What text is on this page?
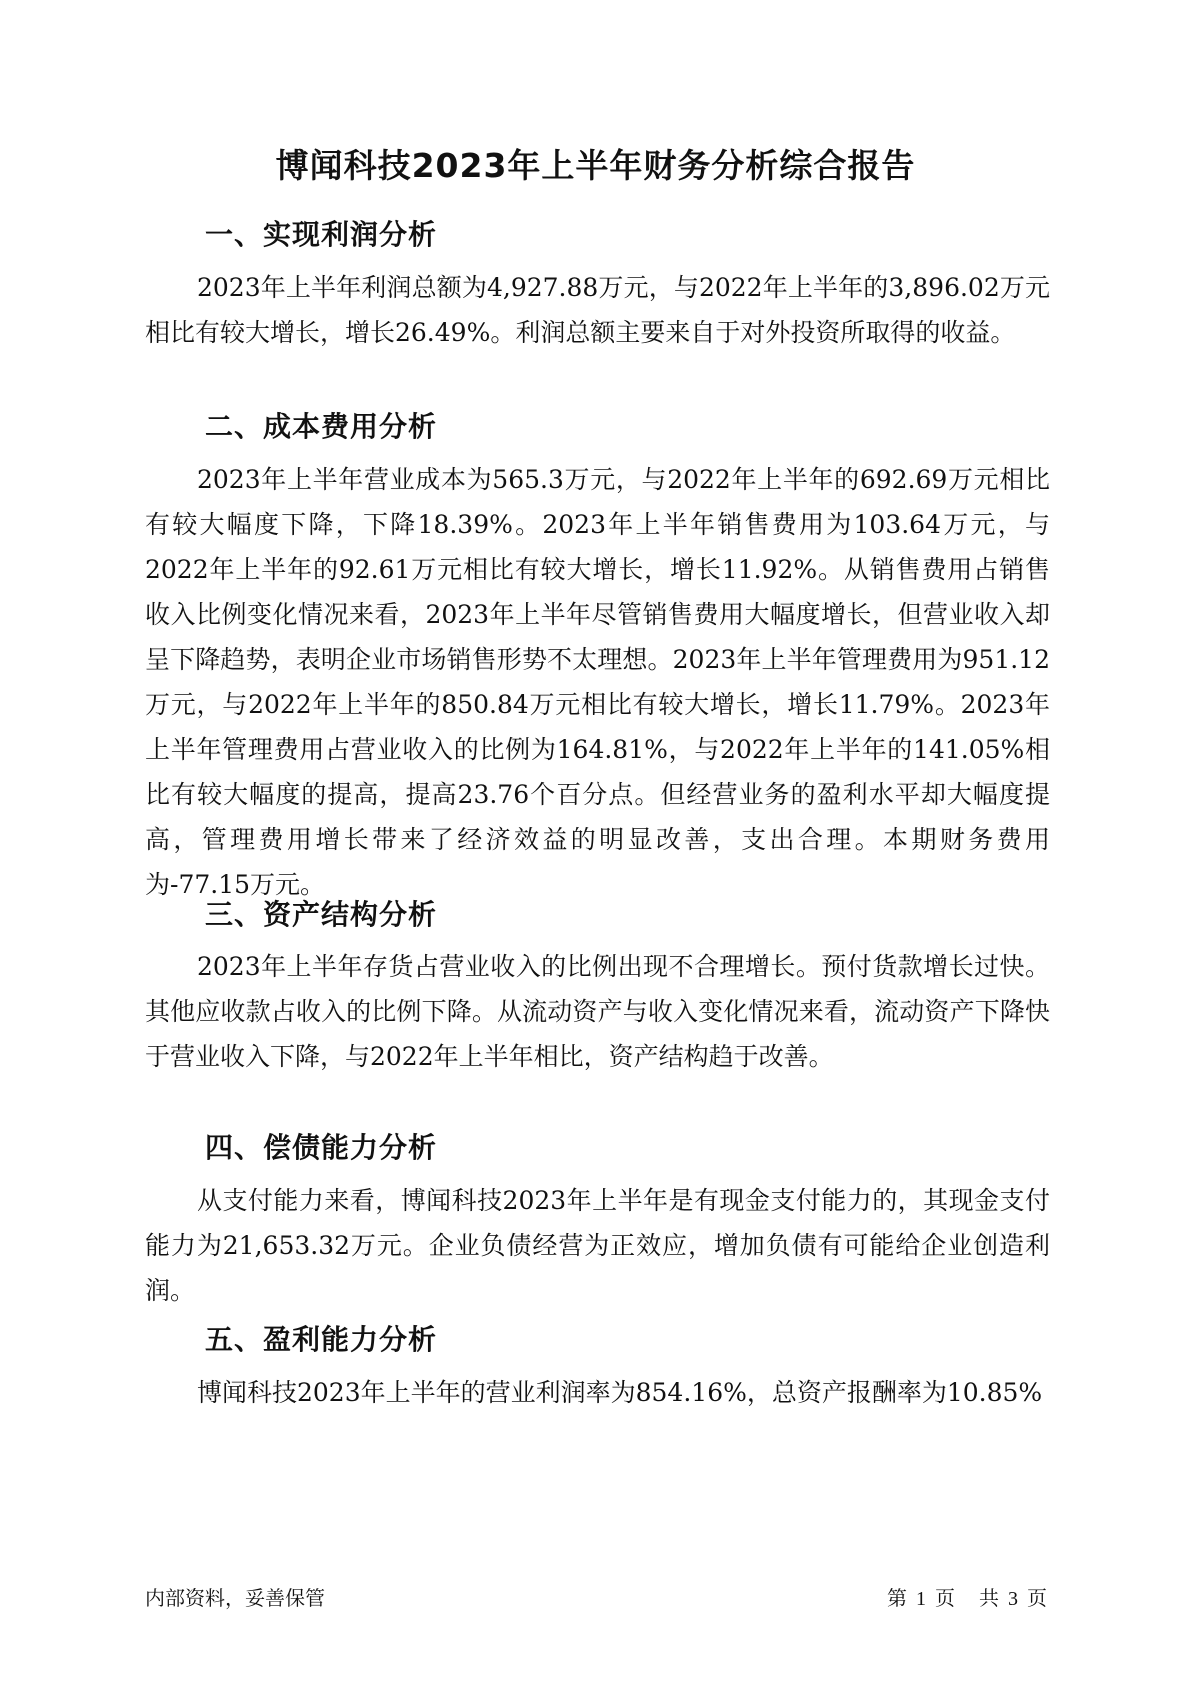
博闻科技2023年上半年财务分析综合报告
一、实现利润分析

2023年上半年利润总额为4,927.88万元，与2022年上半年的3,896.02万元相比有较大增长，增长26.49%。利润总额主要来自于对外投资所取得的收益。

二、成本费用分析

2023年上半年营业成本为565.3万元，与2022年上半年的692.69万元相比有较大幅度下降，下降18.39%。2023年上半年销售费用为103.64万元，与2022年上半年的92.61万元相比有较大增长，增长11.92%。从销售费用占销售收入比例变化情况来看，2023年上半年尽管销售费用大幅度增长，但营业收入却呈下降趋势，表明企业市场销售形势不太理想。2023年上半年管理费用为951.12万元，与2022年上半年的850.84万元相比有较大增长，增长11.79%。2023年上半年管理费用占营业收入的比例为164.81%，与2022年上半年的141.05%相比有较大幅度的提高，提高23.76个百分点。但经营业务的盈利水平却大幅度提高，管理费用增长带来了经济效益的明显改善，支出合理。本期财务费用为-77.15万元。

三、资产结构分析

2023年上半年存货占营业收入的比例出现不合理增长。预付货款增长过快。其他应收款占收入的比例下降。从流动资产与收入变化情况来看，流动资产下降快于营业收入下降，与2022年上半年相比，资产结构趋于改善。

四、偿债能力分析

从支付能力来看，博闻科技2023年上半年是有现金支付能力的，其现金支付能力为21,653.32万元。企业负债经营为正效应，增加负债有可能给企业创造利润。

五、盈利能力分析

博闻科技2023年上半年的营业利润率为854.16%，总资产报酬率为10.85%

内部资料，妥善保管	第 1 页　共 3 页
